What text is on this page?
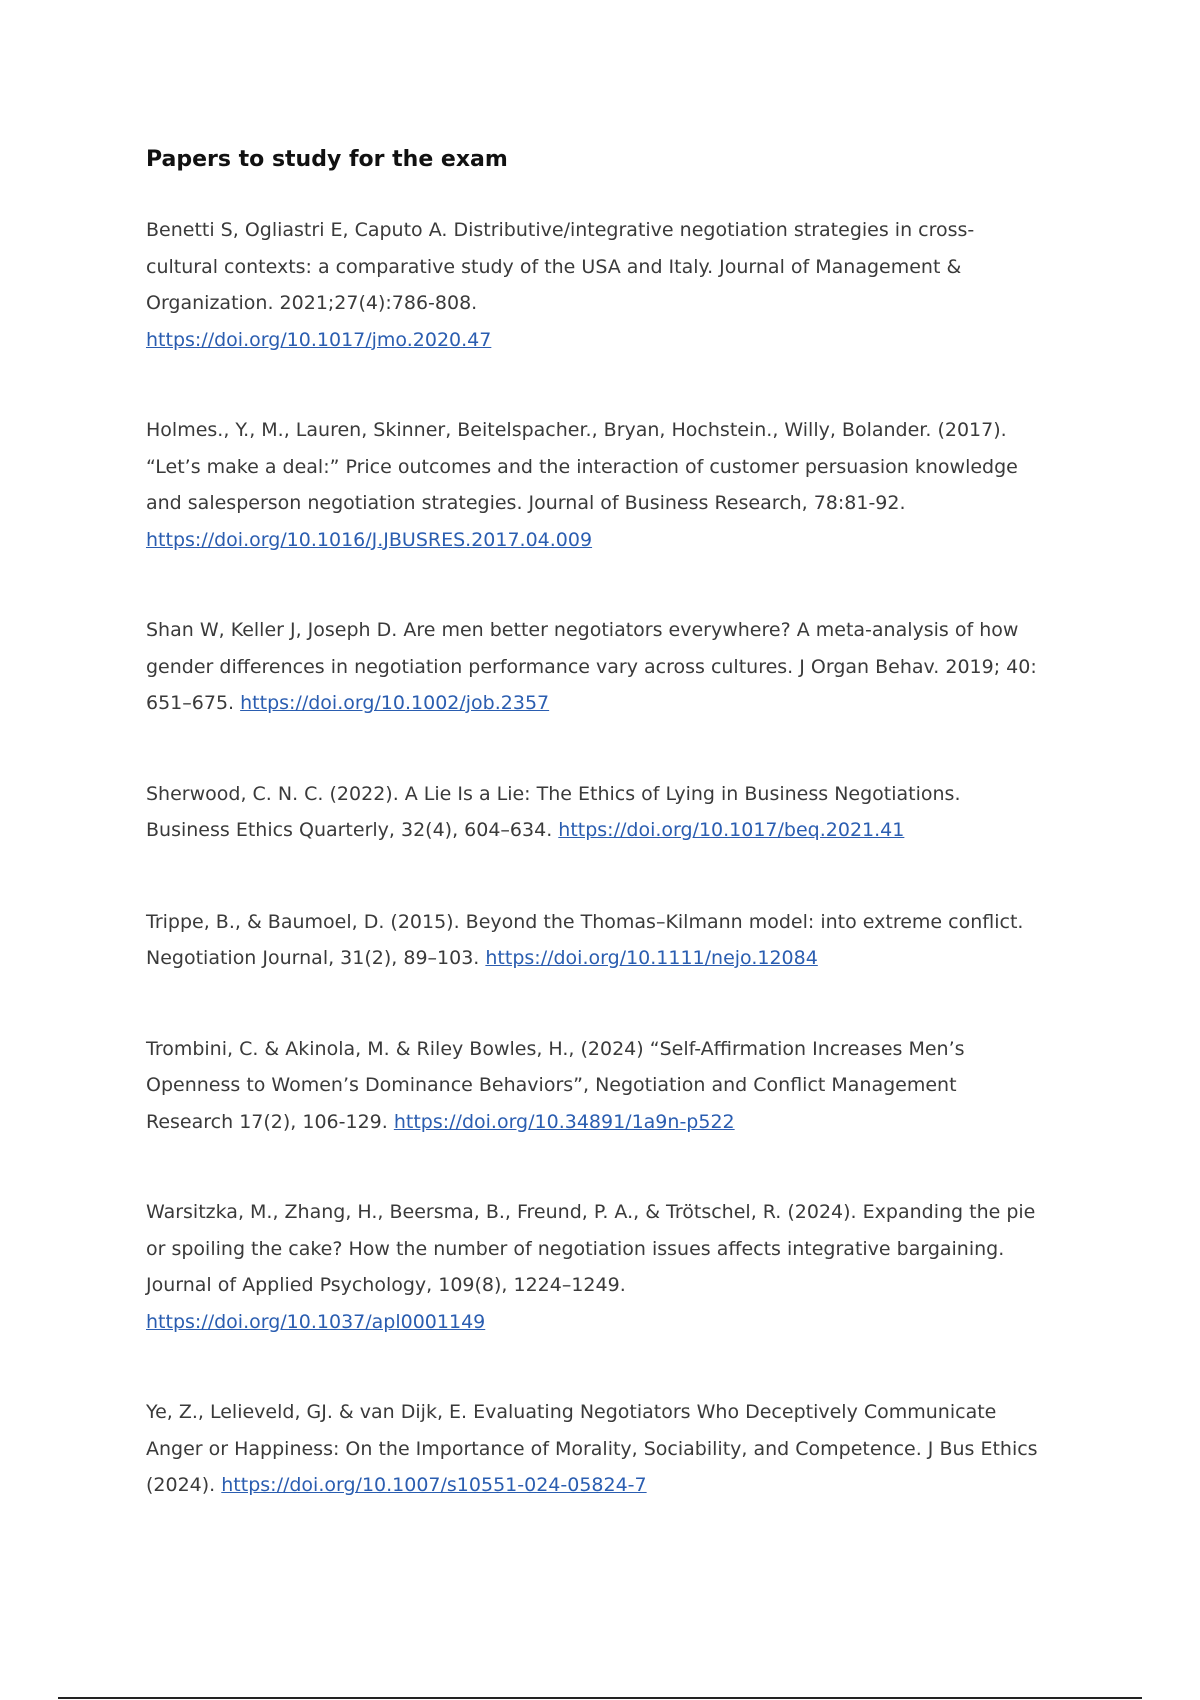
Papers to study for the exam

Benetti S, Ogliastri E, Caputo A. Distributive/integrative negotiation strategies in cross-cultural contexts: a comparative study of the USA and Italy. Journal of Management & Organization. 2021;27(4):786-808.
https://doi.org/10.1017/jmo.2020.47

Holmes., Y., M., Lauren, Skinner, Beitelspacher., Bryan, Hochstein., Willy, Bolander. (2017). “Let’s make a deal:” Price outcomes and the interaction of customer persuasion knowledge and salesperson negotiation strategies. Journal of Business Research, 78:81-92. https://doi.org/10.1016/J.JBUSRES.2017.04.009

Shan W, Keller J, Joseph D. Are men better negotiators everywhere? A meta-analysis of how gender differences in negotiation performance vary across cultures. J Organ Behav. 2019; 40: 651–675. https://doi.org/10.1002/job.2357

Sherwood, C. N. C. (2022). A Lie Is a Lie: The Ethics of Lying in Business Negotiations. Business Ethics Quarterly, 32(4), 604–634. https://doi.org/10.1017/beq.2021.41

Trippe, B., & Baumoel, D. (2015). Beyond the Thomas–Kilmann model: into extreme conflict. Negotiation Journal, 31(2), 89–103. https://doi.org/10.1111/nejo.12084

Trombini, C. & Akinola, M. & Riley Bowles, H., (2024) “Self-Affirmation Increases Men’s Openness to Women’s Dominance Behaviors”, Negotiation and Conflict Management Research 17(2), 106-129. https://doi.org/10.34891/1a9n-p522

Warsitzka, M., Zhang, H., Beersma, B., Freund, P. A., & Trötschel, R. (2024). Expanding the pie or spoiling the cake? How the number of negotiation issues affects integrative bargaining. Journal of Applied Psychology, 109(8), 1224–1249.
https://doi.org/10.1037/apl0001149

Ye, Z., Lelieveld, GJ. & van Dijk, E. Evaluating Negotiators Who Deceptively Communicate Anger or Happiness: On the Importance of Morality, Sociability, and Competence. J Bus Ethics (2024). https://doi.org/10.1007/s10551-024-05824-7
